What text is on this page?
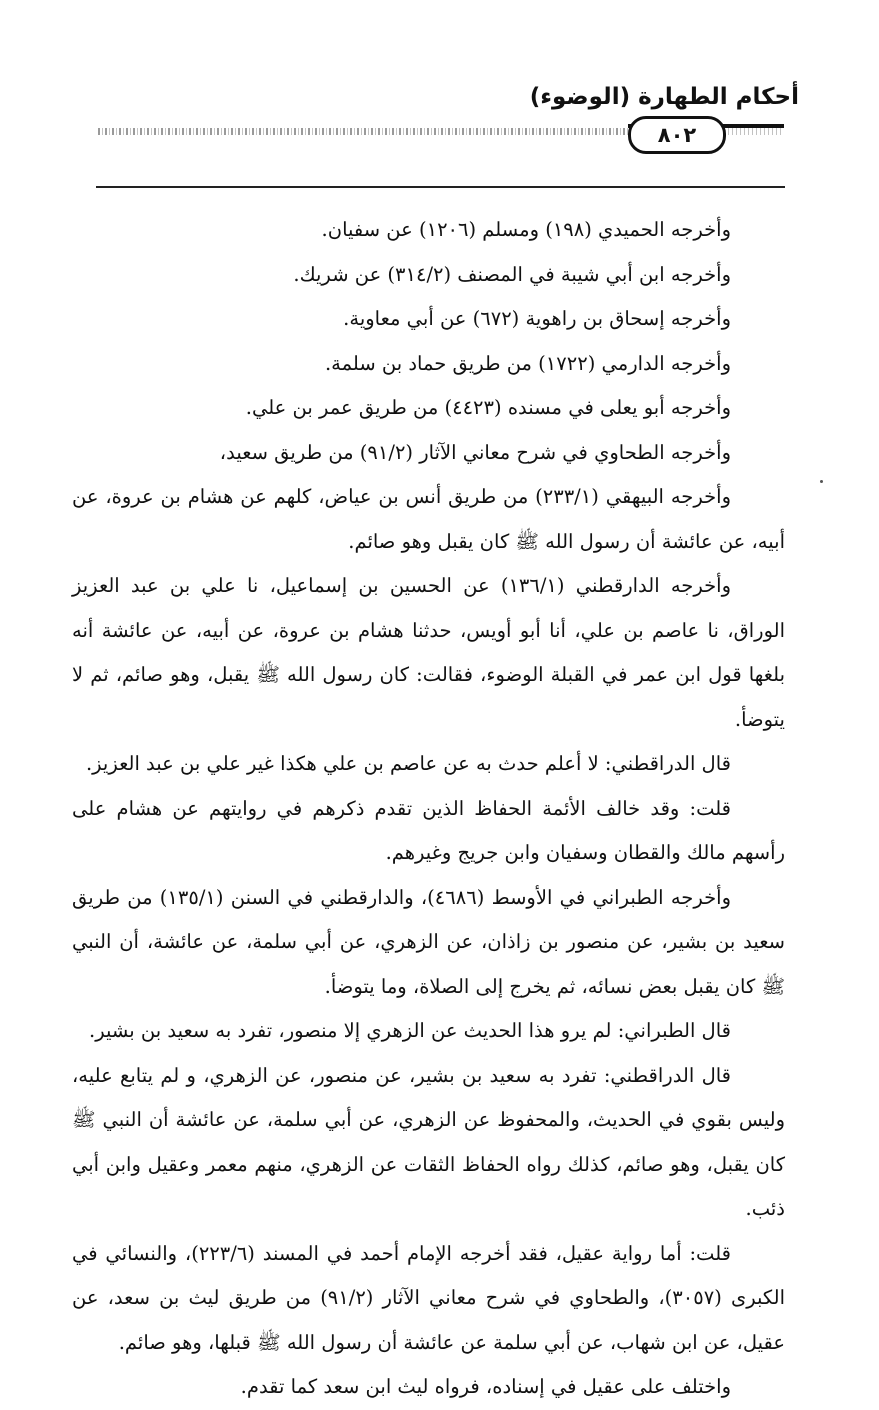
أحكام الطهارة (الوضوء)
٨٠٢

وأخرجه الحميدي (١٩٨) ومسلم (١٢٠٦) عن سفيان.

وأخرجه ابن أبي شيبة في المصنف (٣١٤/٢) عن شريك.

وأخرجه إسحاق بن راهوية (٦٧٢) عن أبي معاوية.

وأخرجه الدارمي (١٧٢٢) من طريق حماد بن سلمة.

وأخرجه أبو يعلى في مسنده (٤٤٢٣) من طريق عمر بن علي.

وأخرجه الطحاوي في شرح معاني الآثار (٩١/٢) من طريق سعيد،

وأخرجه البيهقي (٢٣٣/١) من طريق أنس بن عياض، كلهم عن هشام بن عروة، عن أبيه، عن عائشة أن رسول الله ﷺ كان يقبل وهو صائم.

وأخرجه الدارقطني (١٣٦/١) عن الحسين بن إسماعيل، نا علي بن عبد العزيز الوراق، نا عاصم بن علي، أنا أبو أويس، حدثنا هشام بن عروة، عن أبيه، عن عائشة أنه بلغها قول ابن عمر في القبلة الوضوء، فقالت: كان رسول الله ﷺ يقبل، وهو صائم، ثم لا يتوضأ.

قال الدراقطني: لا أعلم حدث به عن عاصم بن علي هكذا غير علي بن عبد العزيز.

قلت: وقد خالف الأئمة الحفاظ الذين تقدم ذكرهم في روايتهم عن هشام على رأسهم مالك والقطان وسفيان وابن جريج وغيرهم.

وأخرجه الطبراني في الأوسط (٤٦٨٦)، والدارقطني في السنن (١٣٥/١) من طريق سعيد بن بشير، عن منصور بن زاذان، عن الزهري، عن أبي سلمة، عن عائشة، أن النبي ﷺ كان يقبل بعض نسائه، ثم يخرج إلى الصلاة، وما يتوضأ.

قال الطبراني: لم يرو هذا الحديث عن الزهري إلا منصور، تفرد به سعيد بن بشير.

قال الدراقطني: تفرد به سعيد بن بشير، عن منصور، عن الزهري، و لم يتابع عليه، وليس بقوي في الحديث، والمحفوظ عن الزهري، عن أبي سلمة، عن عائشة أن النبي ﷺ كان يقبل، وهو صائم، كذلك رواه الحفاظ الثقات عن الزهري، منهم معمر وعقيل وابن أبي ذئب.

قلت: أما رواية عقيل، فقد أخرجه الإمام أحمد في المسند (٢٢٣/٦)، والنسائي في الكبرى (٣٠٥٧)، والطحاوي في شرح معاني الآثار (٩١/٢) من طريق ليث بن سعد، عن عقيل، عن ابن شهاب، عن أبي سلمة عن عائشة أن رسول الله ﷺ قبلها، وهو صائم.

واختلف على عقيل في إسناده، فرواه ليث ابن سعد كما تقدم.
